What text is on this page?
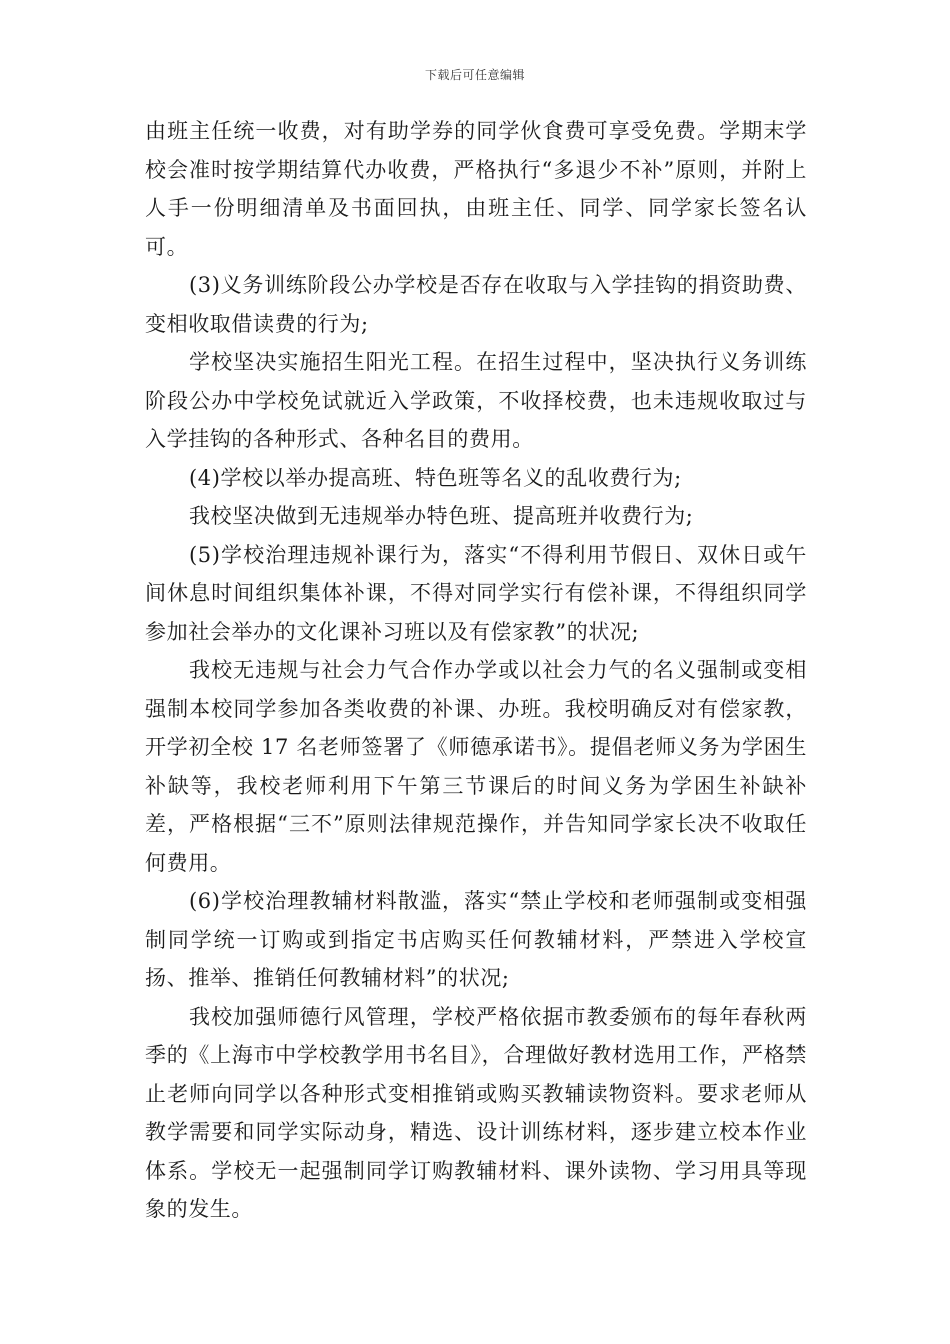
下载后可任意编辑

由班主任统一收费，对有助学券的同学伙食费可享受免费。学期末学校会准时按学期结算代办收费，严格执行“多退少不补”原则，并附上人手一份明细清单及书面回执，由班主任、同学、同学家长签名认可。

(3)义务训练阶段公办学校是否存在收取与入学挂钩的捐资助费、变相收取借读费的行为;

学校坚决实施招生阳光工程。在招生过程中，坚决执行义务训练阶段公办中学校免试就近入学政策，不收择校费，也未违规收取过与入学挂钩的各种形式、各种名目的费用。

(4)学校以举办提高班、特色班等名义的乱收费行为;

我校坚决做到无违规举办特色班、提高班并收费行为;

(5)学校治理违规补课行为，落实“不得利用节假日、双休日或午间休息时间组织集体补课，不得对同学实行有偿补课，不得组织同学参加社会举办的文化课补习班以及有偿家教”的状况;

我校无违规与社会力气合作办学或以社会力气的名义强制或变相强制本校同学参加各类收费的补课、办班。我校明确反对有偿家教，开学初全校 17 名老师签署了《师德承诺书》。提倡老师义务为学困生补缺等，我校老师利用下午第三节课后的时间义务为学困生补缺补差，严格根据“三不”原则法律规范操作，并告知同学家长决不收取任何费用。

(6)学校治理教辅材料散滥，落实“禁止学校和老师强制或变相强制同学统一订购或到指定书店购买任何教辅材料，严禁进入学校宣扬、推举、推销任何教辅材料”的状况;

我校加强师德行风管理，学校严格依据市教委颁布的每年春秋两季的《上海市中学校教学用书名目》，合理做好教材选用工作，严格禁止老师向同学以各种形式变相推销或购买教辅读物资料。要求老师从教学需要和同学实际动身，精选、设计训练材料，逐步建立校本作业体系。学校无一起强制同学订购教辅材料、课外读物、学习用具等现象的发生。
